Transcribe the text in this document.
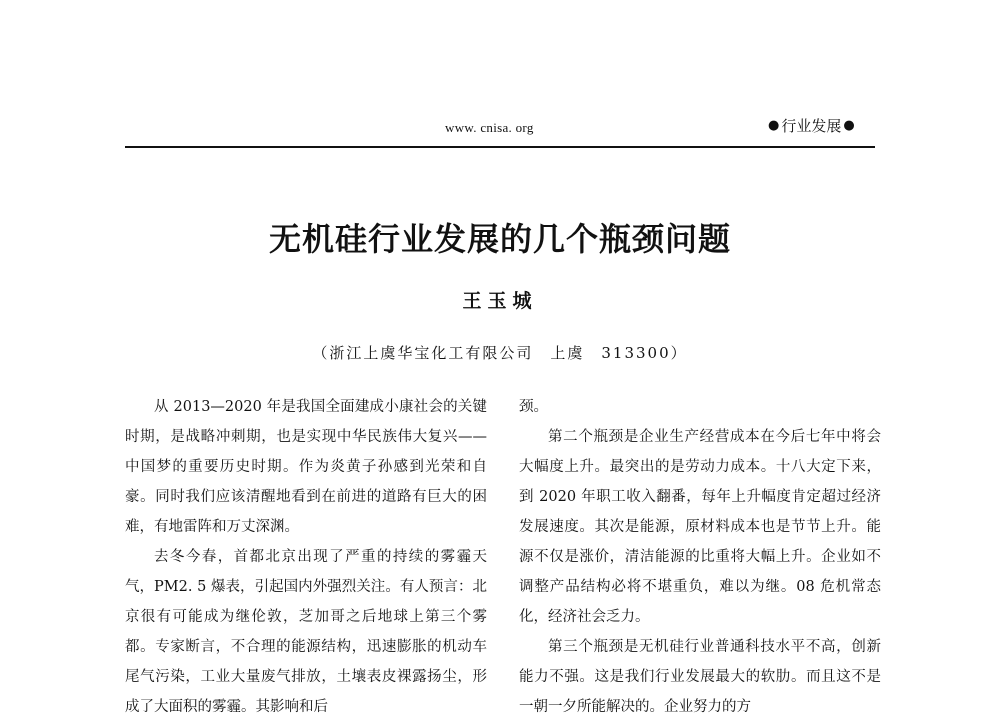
www. cnisa. org	● 行业发展 ●
无机硅行业发展的几个瓶颈问题
王玉城
（浙江上虞华宝化工有限公司　上虞　313300）

从 2013—2020 年是我国全面建成小康社会的关键时期，是战略冲刺期，也是实现中华民族伟大复兴——中国梦的重要历史时期。作为炎黄子孙感到光荣和自豪。同时我们应该清醒地看到在前进的道路有巨大的困难，有地雷阵和万丈深渊。

去冬今春，首都北京出现了严重的持续的雾霾天气，PM2. 5 爆表，引起国内外强烈关注。有人预言：北京很有可能成为继伦敦，芝加哥之后地球上第三个雾都。专家断言，不合理的能源结构，迅速膨胀的机动车尾气污染，工业大量废气排放，土壤表皮裸露扬尘，形成了大面积的雾霾。其影响和后

颈。

第二个瓶颈是企业生产经营成本在今后七年中将会大幅度上升。最突出的是劳动力成本。十八大定下来，到 2020 年职工收入翻番，每年上升幅度肯定超过经济发展速度。其次是能源，原材料成本也是节节上升。能源不仅是涨价，清洁能源的比重将大幅上升。企业如不调整产品结构必将不堪重负，难以为继。08 危机常态化，经济社会乏力。

第三个瓶颈是无机硅行业普通科技水平不高，创新能力不强。这是我们行业发展最大的软肋。而且这不是一朝一夕所能解决的。企业努力的方
